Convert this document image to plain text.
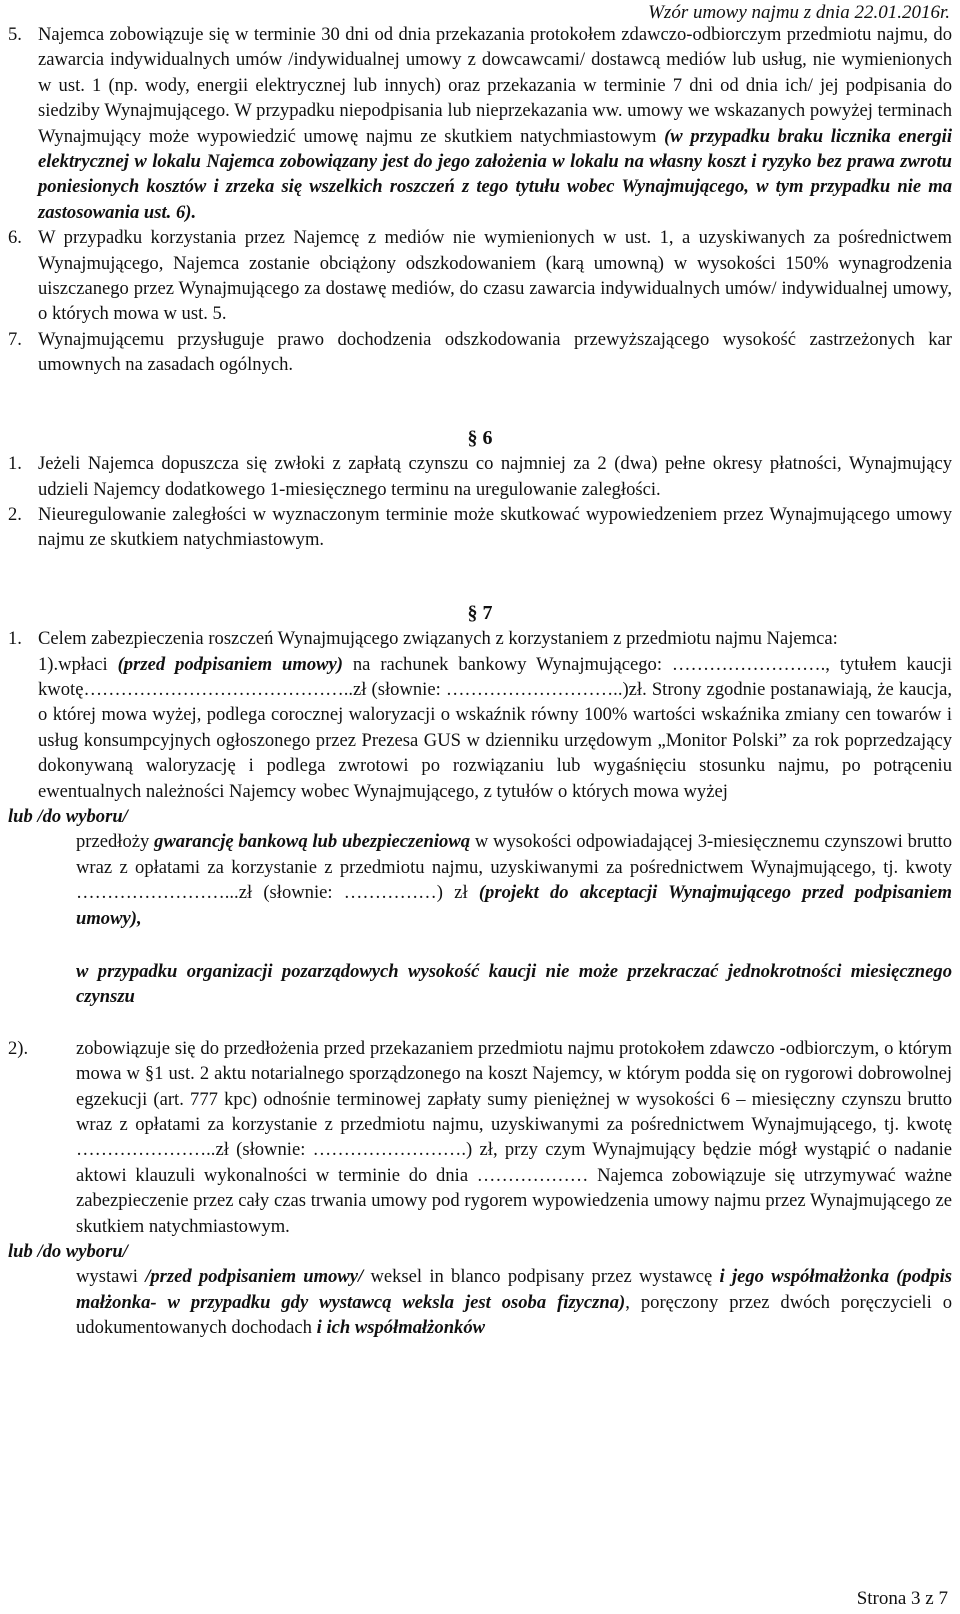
Wzór umowy najmu z dnia 22.01.2016r.
5. Najemca zobowiązuje się w terminie 30 dni od dnia przekazania protokołem zdawczo-odbiorczym przedmiotu najmu, do zawarcia indywidualnych umów /indywidualnej umowy z dowcawcami/ dostawcą mediów lub usług, nie wymienionych w ust. 1 (np. wody, energii elektrycznej lub innych) oraz przekazania w terminie 7 dni od dnia ich/ jej podpisania do siedziby Wynajmującego. W przypadku niepodpisania lub nieprzekazania ww. umowy we wskazanych powyżej terminach Wynajmujący może wypowiedzić umowę najmu ze skutkiem natychmiastowym (w przypadku braku licznika energii elektrycznej w lokalu Najemca zobowiązany jest do jego założenia w lokalu na własny koszt i ryzyko bez prawa zwrotu poniesionych kosztów i zrzeka się wszelkich roszczeń z tego tytułu wobec Wynajmującego, w tym przypadku nie ma zastosowania ust. 6).
6. W przypadku korzystania przez Najemcę z mediów nie wymienionych w ust. 1, a uzyskiwanych za pośrednictwem Wynajmującego, Najemca zostanie obciążony odszkodowaniem (karą umowną) w wysokości 150% wynagrodzenia uiszczanego przez Wynajmującego za dostawę mediów, do czasu zawarcia indywidualnych umów/ indywidualnej umowy, o których mowa w ust. 5.
7. Wynajmującemu przysługuje prawo dochodzenia odszkodowania przewyższającego wysokość zastrzeżonych kar umownych na zasadach ogólnych.

§ 6

1. Jeżeli Najemca dopuszcza się zwłoki z zapłatą czynszu co najmniej za 2 (dwa) pełne okresy płatności, Wynajmujący udzieli Najemcy dodatkowego 1-miesięcznego terminu na uregulowanie zaległości.
2. Nieuregulowanie zaległości w wyznaczonym terminie może skutkować wypowiedzeniem przez Wynajmującego umowy najmu ze skutkiem natychmiastowym.

§ 7

1. Celem zabezpieczenia roszczeń Wynajmującego związanych z korzystaniem z przedmiotu najmu Najemca:
1).wpłaci (przed podpisaniem umowy) na rachunek bankowy Wynajmującego: ……………………., tytułem kaucji kwotę……………………………………..zł (słownie: ………………………..)zł. Strony zgodnie postanawiają, że kaucja, o której mowa wyżej, podlega corocznej waloryzacji o wskaźnik równy 100% wartości wskaźnika zmiany cen towarów i usług konsumpcyjnych ogłoszonego przez Prezesa GUS w dzienniku urzędowym „Monitor Polski” za rok poprzedzający dokonywaną waloryzację i podlega zwrotowi po rozwiązaniu lub wygaśnięciu stosunku najmu, po potrąceniu ewentualnych należności Najemcy wobec Wynajmującego, z tytułów o których mowa wyżej

lub /do wyboru/

przedłoży gwarancję bankową lub ubezpieczeniową w wysokości odpowiadającej 3-miesięcznemu czynszowi brutto wraz z opłatami za korzystanie z przedmiotu najmu, uzyskiwanymi za pośrednictwem Wynajmującego, tj. kwoty ……………………...zł (słownie: ……………) zł (projekt do akceptacji Wynajmującego przed podpisaniem umowy),

w przypadku organizacji pozarządowych wysokość kaucji nie może przekraczać jednokrotności miesięcznego czynszu

2).	zobowiązuje się do przedłożenia przed przekazaniem przedmiotu najmu protokołem zdawczo -odbiorczym, o którym mowa w §1 ust. 2 aktu notarialnego sporządzonego na koszt Najemcy, w którym podda się on rygorowi dobrowolnej egzekucji (art. 777 kpc) odnośnie terminowej zapłaty sumy pieniężnej w wysokości 6 – miesięczny czynszu brutto wraz z opłatami za korzystanie z przedmiotu najmu, uzyskiwanymi za pośrednictwem Wynajmującego, tj. kwotę …………………..zł (słownie: …………………….) zł, przy czym Wynajmujący będzie mógł wystąpić o nadanie aktowi klauzuli wykonalności w terminie do dnia ……………… Najemca zobowiązuje się utrzymywać ważne zabezpieczenie przez cały czas trwania umowy pod rygorem wypowiedzenia umowy najmu przez Wynajmującego ze skutkiem natychmiastowym.

lub /do wyboru/

wystawi /przed podpisaniem umowy/ weksel in blanco podpisany przez wystawcę i jego współmałżonka (podpis małżonka- w przypadku gdy wystawcą weksla jest osoba fizyczna), poręczony przez dwóch poręczycieli o udokumentowanych dochodach i ich współmałżonków

Strona 3 z 7
